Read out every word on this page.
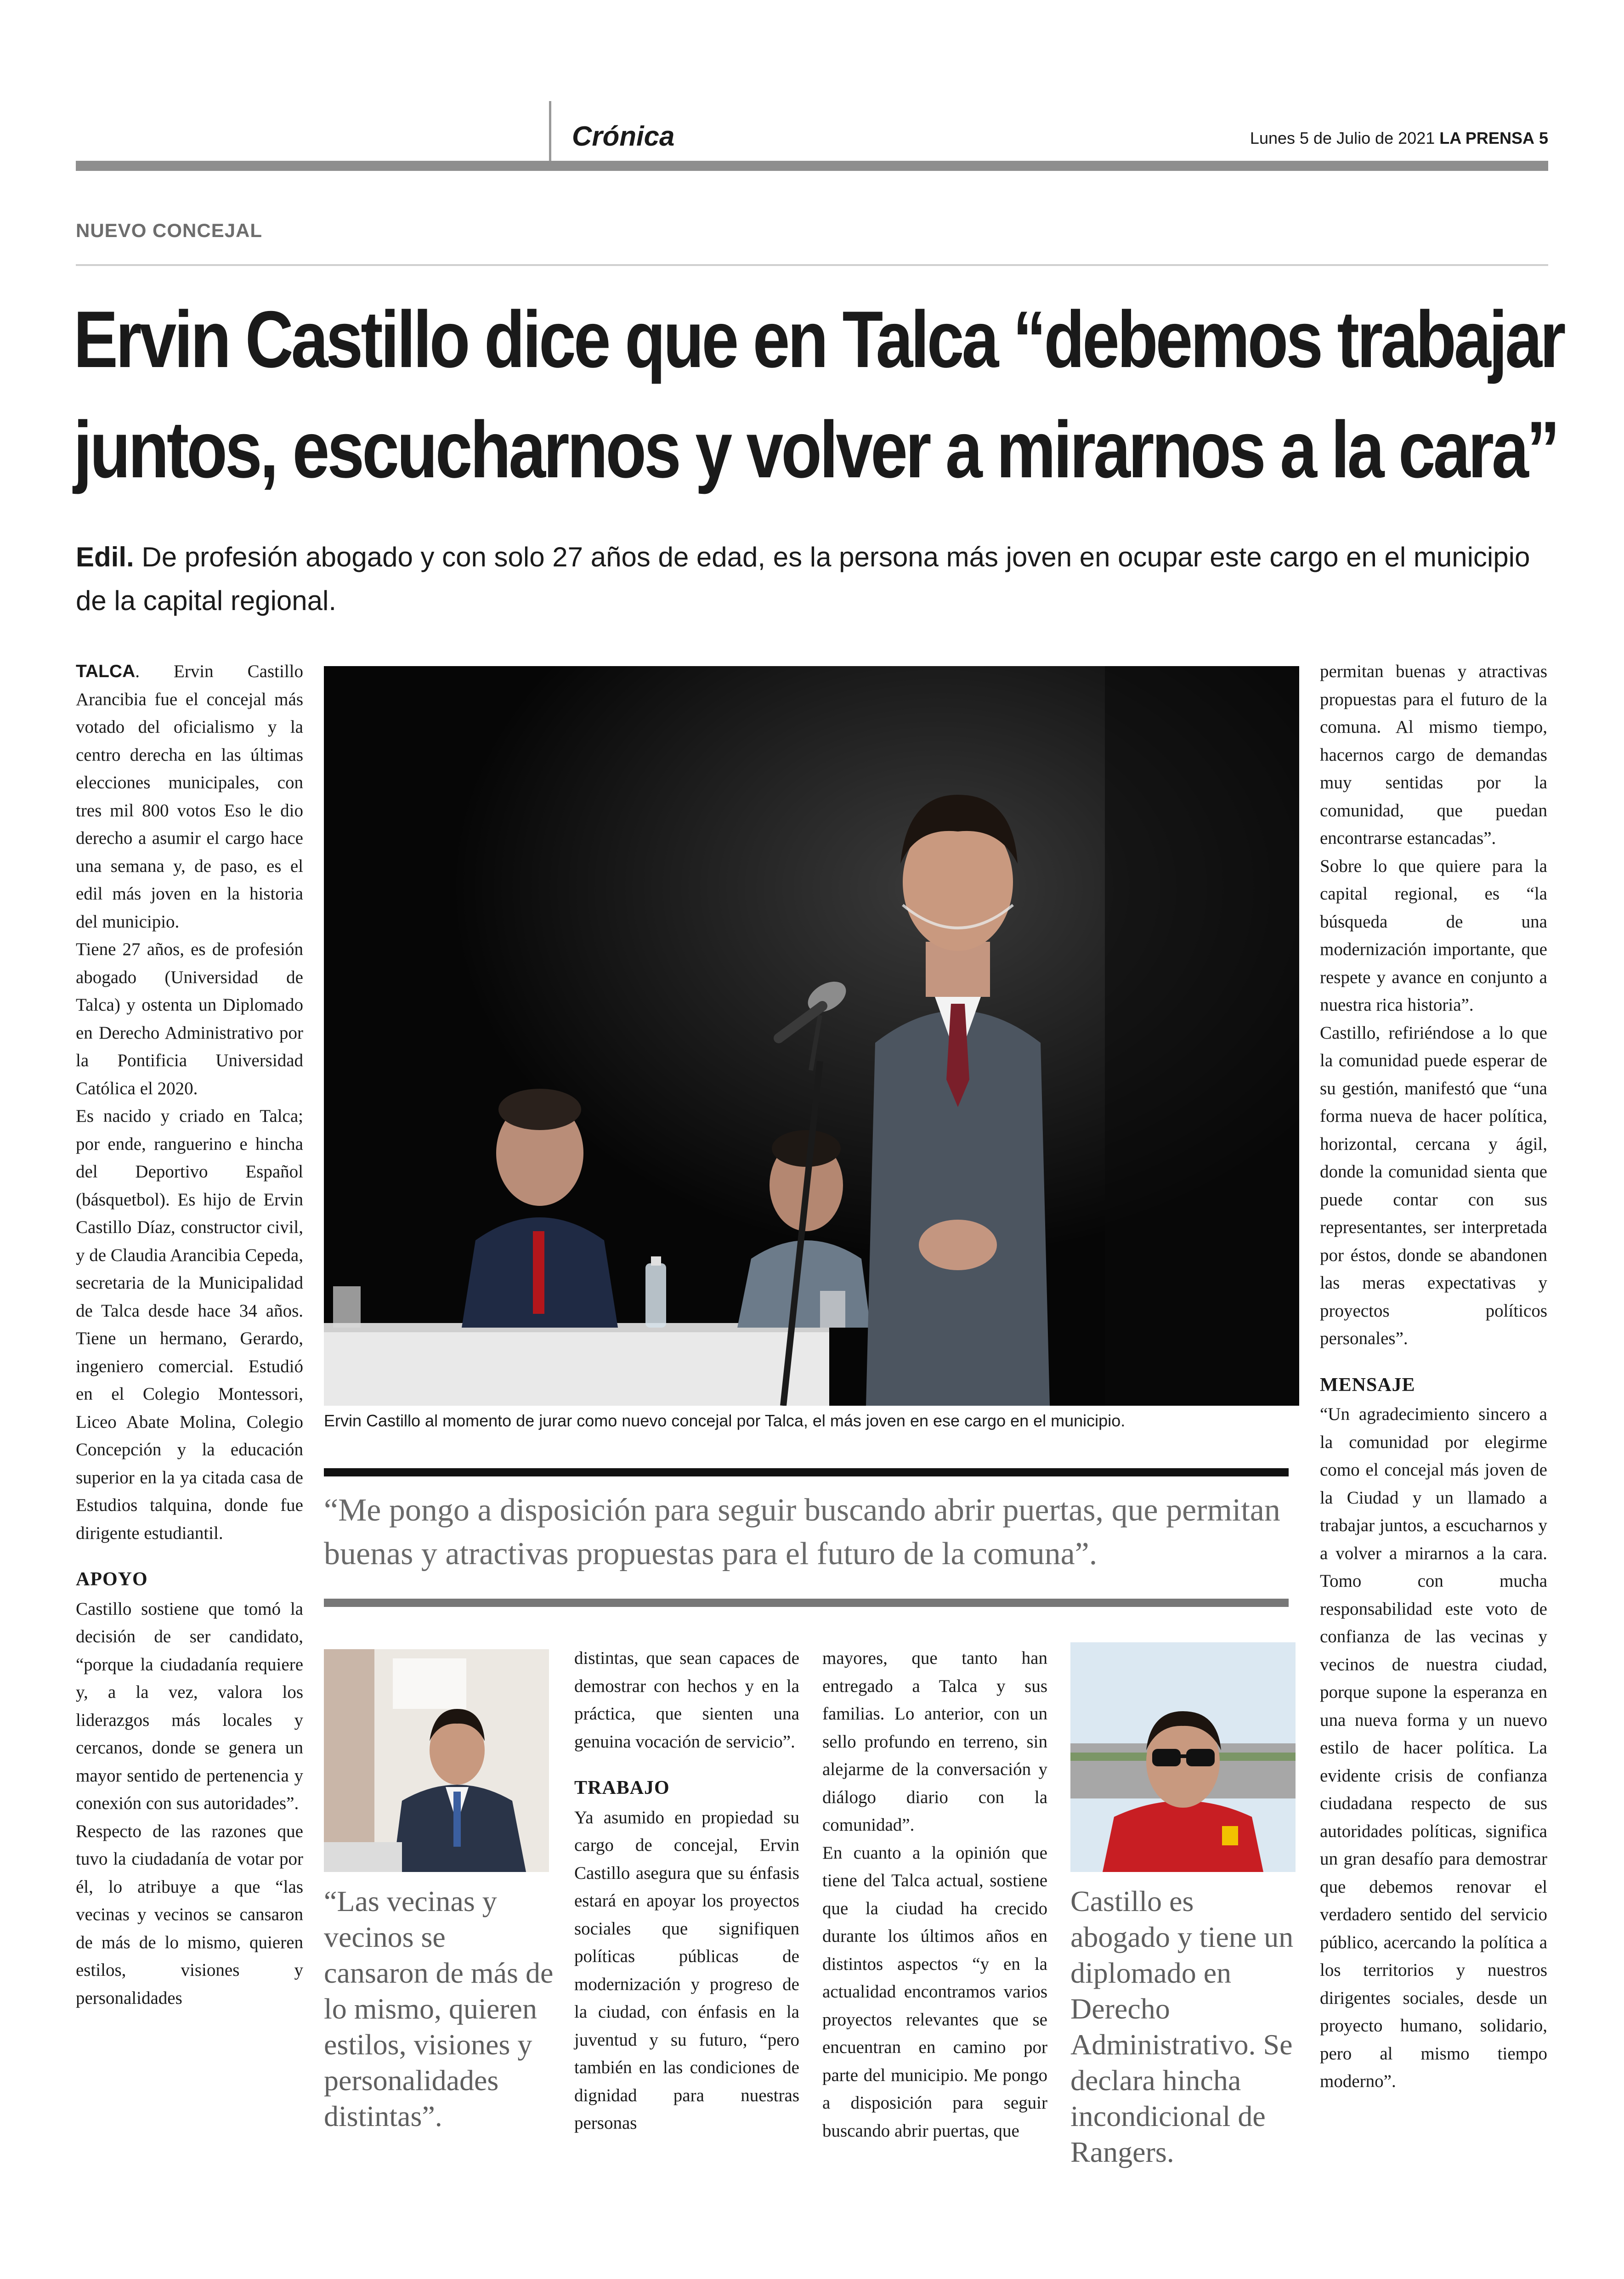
Crónica	Lunes 5 de Julio de 2021 LA PRENSA 5
NUEVO CONCEJAL
Ervin Castillo dice que en Talca “debemos trabajar
juntos, escucharnos y volver a mirarnos a la cara”
Edil. De profesión abogado y con solo 27 años de edad, es la persona más joven en ocupar este cargo en el municipio de la capital regional.

TALCA. Ervin Castillo Arancibia fue el concejal más votado del oficialismo y la centro derecha en las últimas elecciones municipales, con tres mil 800 votos Eso le dio derecho a asumir el cargo hace una semana y, de paso, es el edil más joven en la historia del municipio.

Tiene 27 años, es de profesión abogado (Universidad de Talca) y ostenta un Diplomado en Derecho Administrativo por la Pontificia Universidad Católica el 2020.

Es nacido y criado en Talca; por ende, ranguerino e hincha del Deportivo Español (básquetbol). Es hijo de Ervin Castillo Díaz, constructor civil, y de Claudia Arancibia Cepeda, secretaria de la Municipalidad de Talca desde hace 34 años. Tiene un hermano, Gerardo, ingeniero comercial. Estudió en el Colegio Montessori, Liceo Abate Molina, Colegio Concepción y la educación superior en la ya citada casa de Estudios talquina, donde fue dirigente estudiantil.

APOYO

Castillo sostiene que tomó la decisión de ser candidato, “porque la ciudadanía requiere y, a la vez, valora los liderazgos más locales y cercanos, donde se genera un mayor sentido de pertenencia y conexión con sus autoridades”.

Respecto de las razones que tuvo la ciudadanía de votar por él, lo atribuye a que “las vecinas y vecinos se cansaron de más de lo mismo, quieren estilos, visiones y personalidades

Ervin Castillo al momento de jurar como nuevo concejal por Talca, el más joven en ese cargo en el municipio.
“Me pongo a disposición para seguir buscando abrir puertas, que permitan buenas y atractivas propuestas para el futuro de la comuna”.

distintas, que sean capaces de demostrar con hechos y en la práctica, que sienten una genuina vocación de servicio”.

TRABAJO

Ya asumido en propiedad su cargo de concejal, Ervin Castillo asegura que su énfasis estará en apoyar los proyectos sociales que signifiquen políticas públicas de modernización y progreso de la ciudad, con énfasis en la juventud y su futuro, “pero también en las condiciones de dignidad para nuestras personas

mayores, que tanto han entregado a Talca y sus familias. Lo anterior, con un sello profundo en terreno, sin alejarme de la conversación y diálogo diario con la comunidad”.

En cuanto a la opinión que tiene del Talca actual, sostiene que la ciudad ha crecido durante los últimos años en distintos aspectos “y en la actualidad encontramos varios proyectos relevantes que se encuentran en camino por parte del municipio. Me pongo a disposición para seguir buscando abrir puertas, que

“Las vecinas y vecinos se cansaron de más de lo mismo, quieren estilos, visiones y personalidades distintas”.
Castillo es abogado y tiene un diplomado en Derecho Administrativo. Se declara hincha incondicional de Rangers.

permitan buenas y atractivas propuestas para el futuro de la comuna. Al mismo tiempo, hacernos cargo de demandas muy sentidas por la comunidad, que puedan encontrarse estancadas”.

Sobre lo que quiere para la capital regional, es “la búsqueda de una modernización importante, que respete y avance en conjunto a nuestra rica historia”.

Castillo, refiriéndose a lo que la comunidad puede esperar de su gestión, manifestó que “una forma nueva de hacer política, horizontal, cercana y ágil, donde la comunidad sienta que puede contar con sus representantes, ser interpretada por éstos, donde se abandonen las meras expectativas y proyectos políticos personales”.

MENSAJE

“Un agradecimiento sincero a la comunidad por elegirme como el concejal más joven de la Ciudad y un llamado a trabajar juntos, a escucharnos y a volver a mirarnos a la cara. Tomo con mucha responsabilidad este voto de confianza de las vecinas y vecinos de nuestra ciudad, porque supone la esperanza en una nueva forma y un nuevo estilo de hacer política. La evidente crisis de confianza ciudadana respecto de sus autoridades políticas, significa un gran desafío para demostrar que debemos renovar el verdadero sentido del servicio público, acercando la política a los territorios y nuestros dirigentes sociales, desde un proyecto humano, solidario, pero al mismo tiempo moderno”.
